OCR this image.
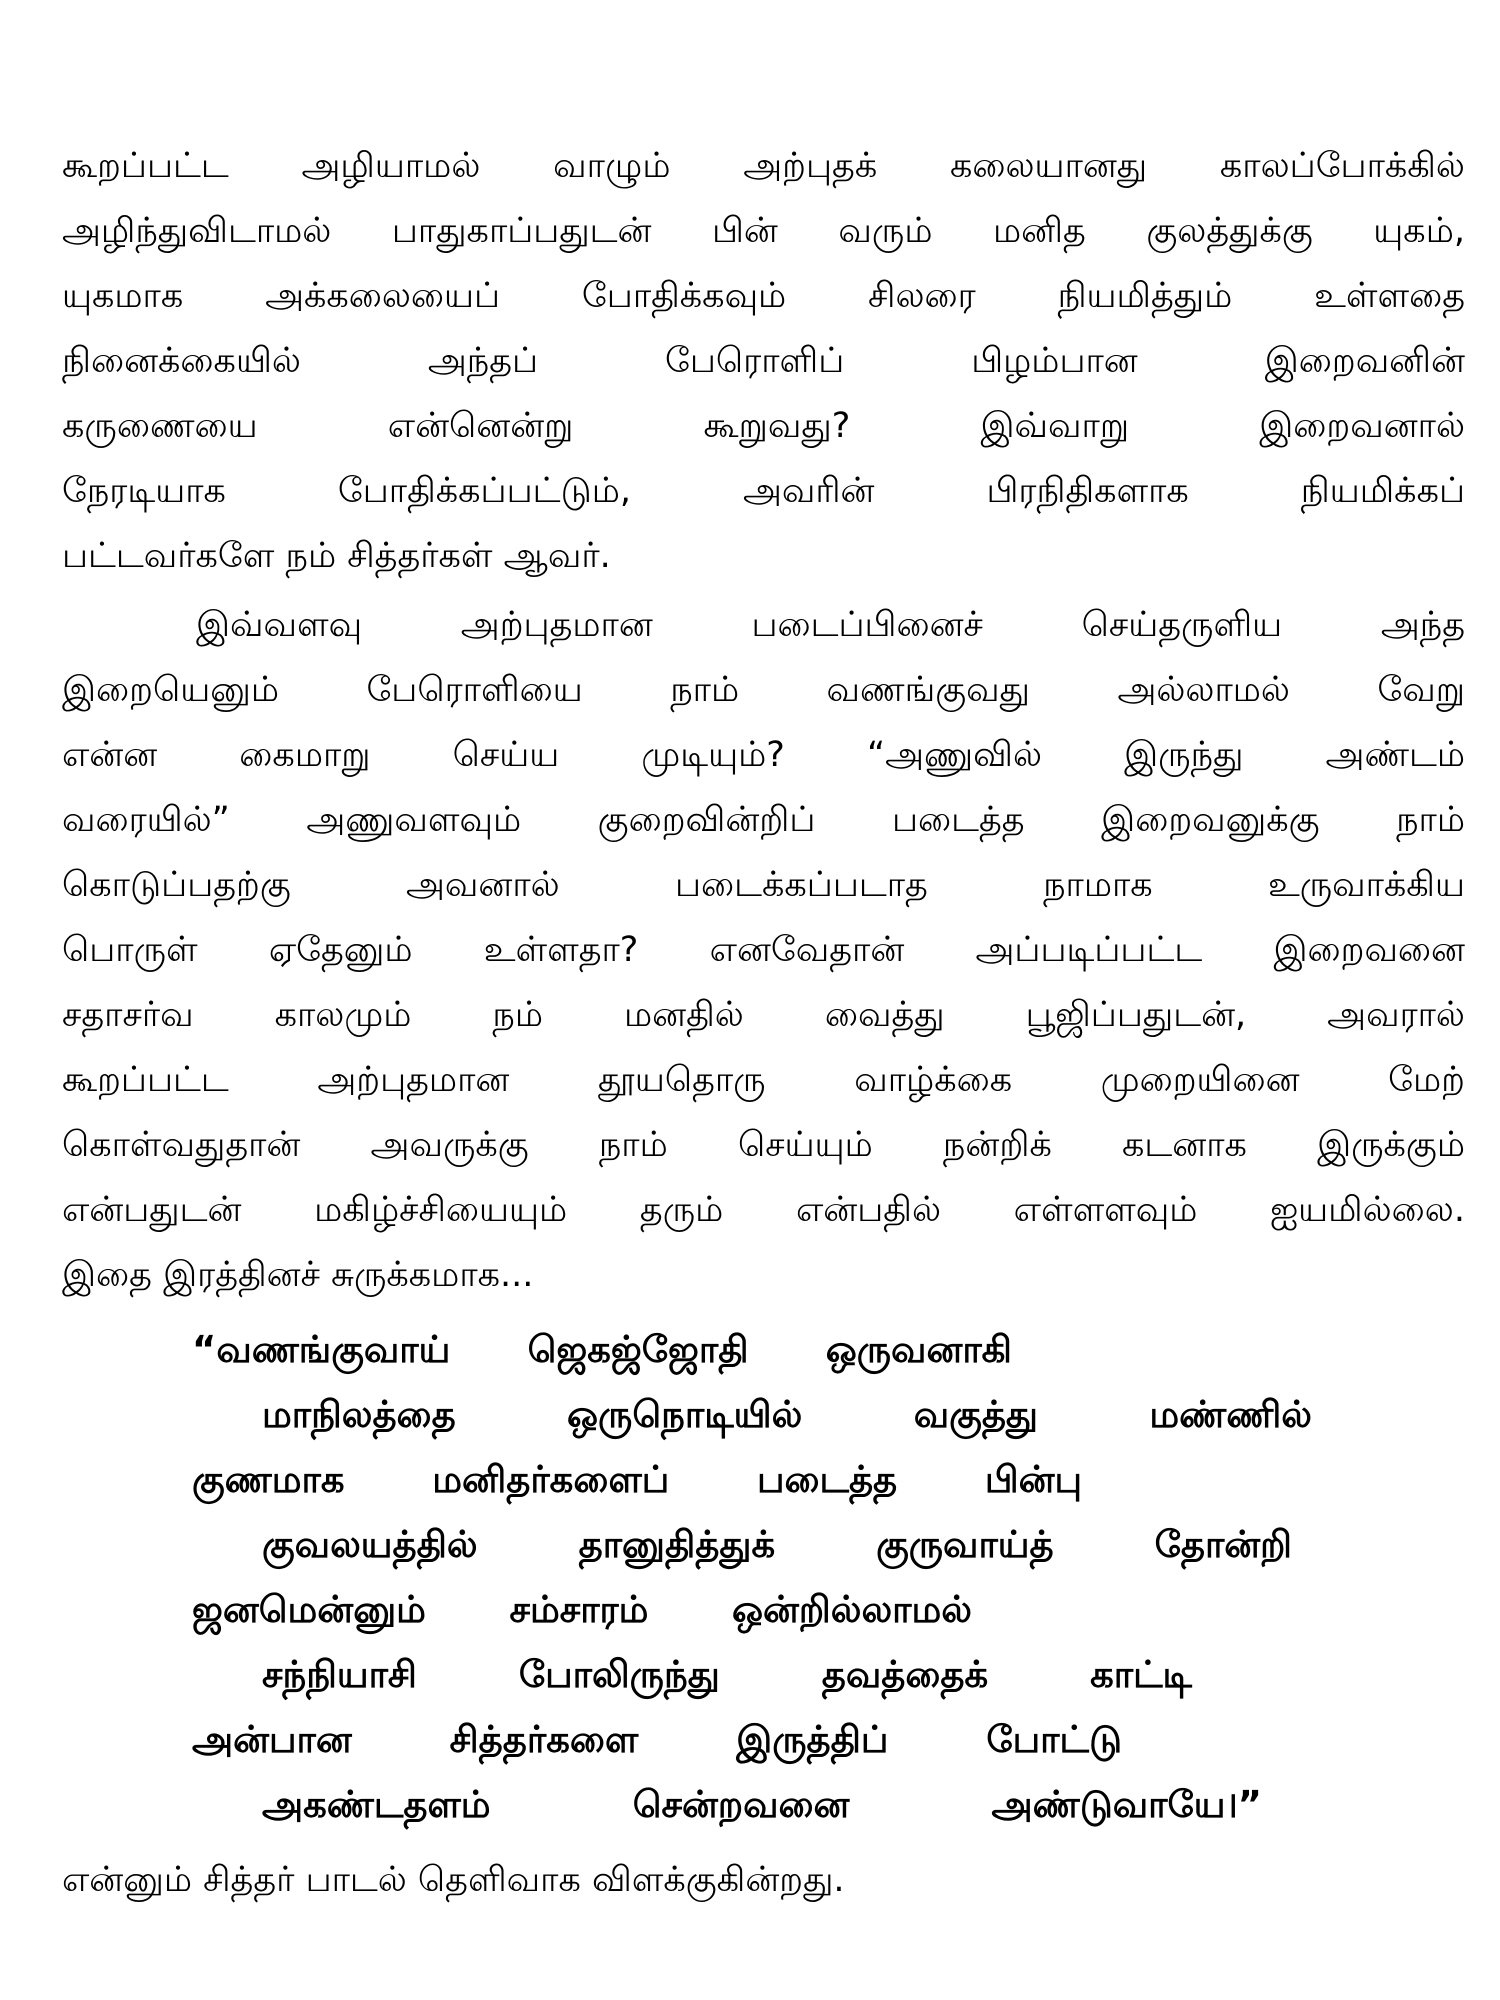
கூறப்பட்ட அழியாமல் வாழும் அற்புதக் கலையானது காலப்போக்கில்
அழிந்துவிடாமல் பாதுகாப்பதுடன் பின் வரும் மனித குலத்துக்கு யுகம்,
யுகமாக அக்கலையைப் போதிக்கவும் சிலரை நியமித்தும் உள்ளதை
நினைக்கையில் அந்தப் பேரொளிப் பிழம்பான இறைவனின்
கருணையை என்னென்று கூறுவது? இவ்வாறு இறைவனால்
நேரடியாக போதிக்கப்பட்டும், அவரின் பிரநிதிகளாக நியமிக்கப்
பட்டவர்களே நம் சித்தர்கள் ஆவர்.
இவ்வளவு அற்புதமான படைப்பினைச் செய்தருளிய அந்த
இறையெனும் பேரொளியை நாம் வணங்குவது அல்லாமல் வேறு
என்ன கைமாறு செய்ய முடியும்? “அணுவில் இருந்து அண்டம்
வரையில்” அணுவளவும் குறைவின்றிப் படைத்த இறைவனுக்கு நாம்
கொடுப்பதற்கு அவனால் படைக்கப்படாத நாமாக உருவாக்கிய
பொருள் ஏதேனும் உள்ளதா? எனவேதான் அப்படிப்பட்ட இறைவனை
சதாசர்வ காலமும் நம் மனதில் வைத்து பூஜிப்பதுடன், அவரால்
கூறப்பட்ட அற்புதமான தூயதொரு வாழ்க்கை முறையினை மேற்
கொள்வதுதான் அவருக்கு நாம் செய்யும் நன்றிக் கடனாக இருக்கும்
என்பதுடன் மகிழ்ச்சியையும் தரும் என்பதில் எள்ளளவும் ஐயமில்லை.
இதை இரத்தினச் சுருக்கமாக...
“வணங்குவாய் ஜெகஜ்ஜோதி ஒருவனாகி
மாநிலத்தை ஒருநொடியில் வகுத்து மண்ணில்
குணமாக மனிதர்களைப் படைத்த பின்பு
குவலயத்தில் தானுதித்துக் குருவாய்த் தோன்றி
ஜனமென்னும் சம்சாரம் ஒன்றில்லாமல்
சந்நியாசி போலிருந்து தவத்தைக் காட்டி
அன்பான சித்தர்களை இருத்திப் போட்டு
அகண்டதளம் சென்றவனை அண்டுவாயே।”
என்னும் சித்தர் பாடல் தெளிவாக விளக்குகின்றது.
